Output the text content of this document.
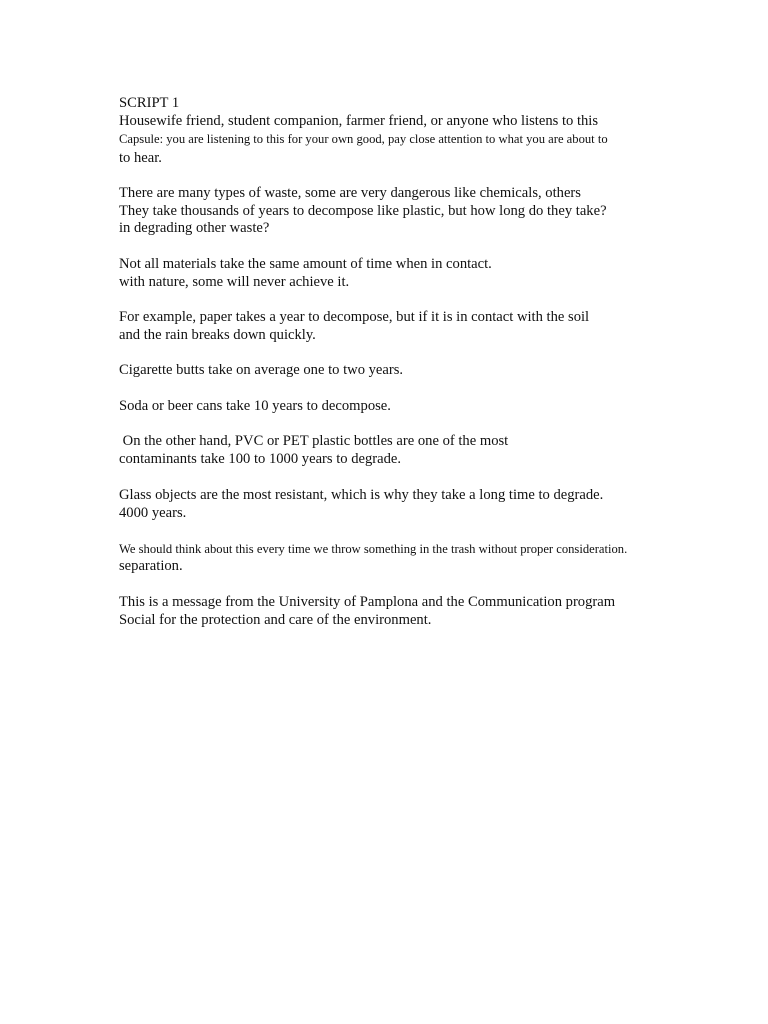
SCRIPT 1
Housewife friend, student companion, farmer friend, or anyone who listens to this
Capsule: you are listening to this for your own good, pay close attention to what you are about to
to hear.
There are many types of waste, some are very dangerous like chemicals, others
They take thousands of years to decompose like plastic, but how long do they take?
in degrading other waste?
Not all materials take the same amount of time when in contact.
with nature, some will never achieve it.
For example, paper takes a year to decompose, but if it is in contact with the soil
and the rain breaks down quickly.
Cigarette butts take on average one to two years.
Soda or beer cans take 10 years to decompose.
On the other hand, PVC or PET plastic bottles are one of the most
contaminants take 100 to 1000 years to degrade.
Glass objects are the most resistant, which is why they take a long time to degrade.
4000 years.
We should think about this every time we throw something in the trash without proper consideration.
separation.
This is a message from the University of Pamplona and the Communication program
Social for the protection and care of the environment.
